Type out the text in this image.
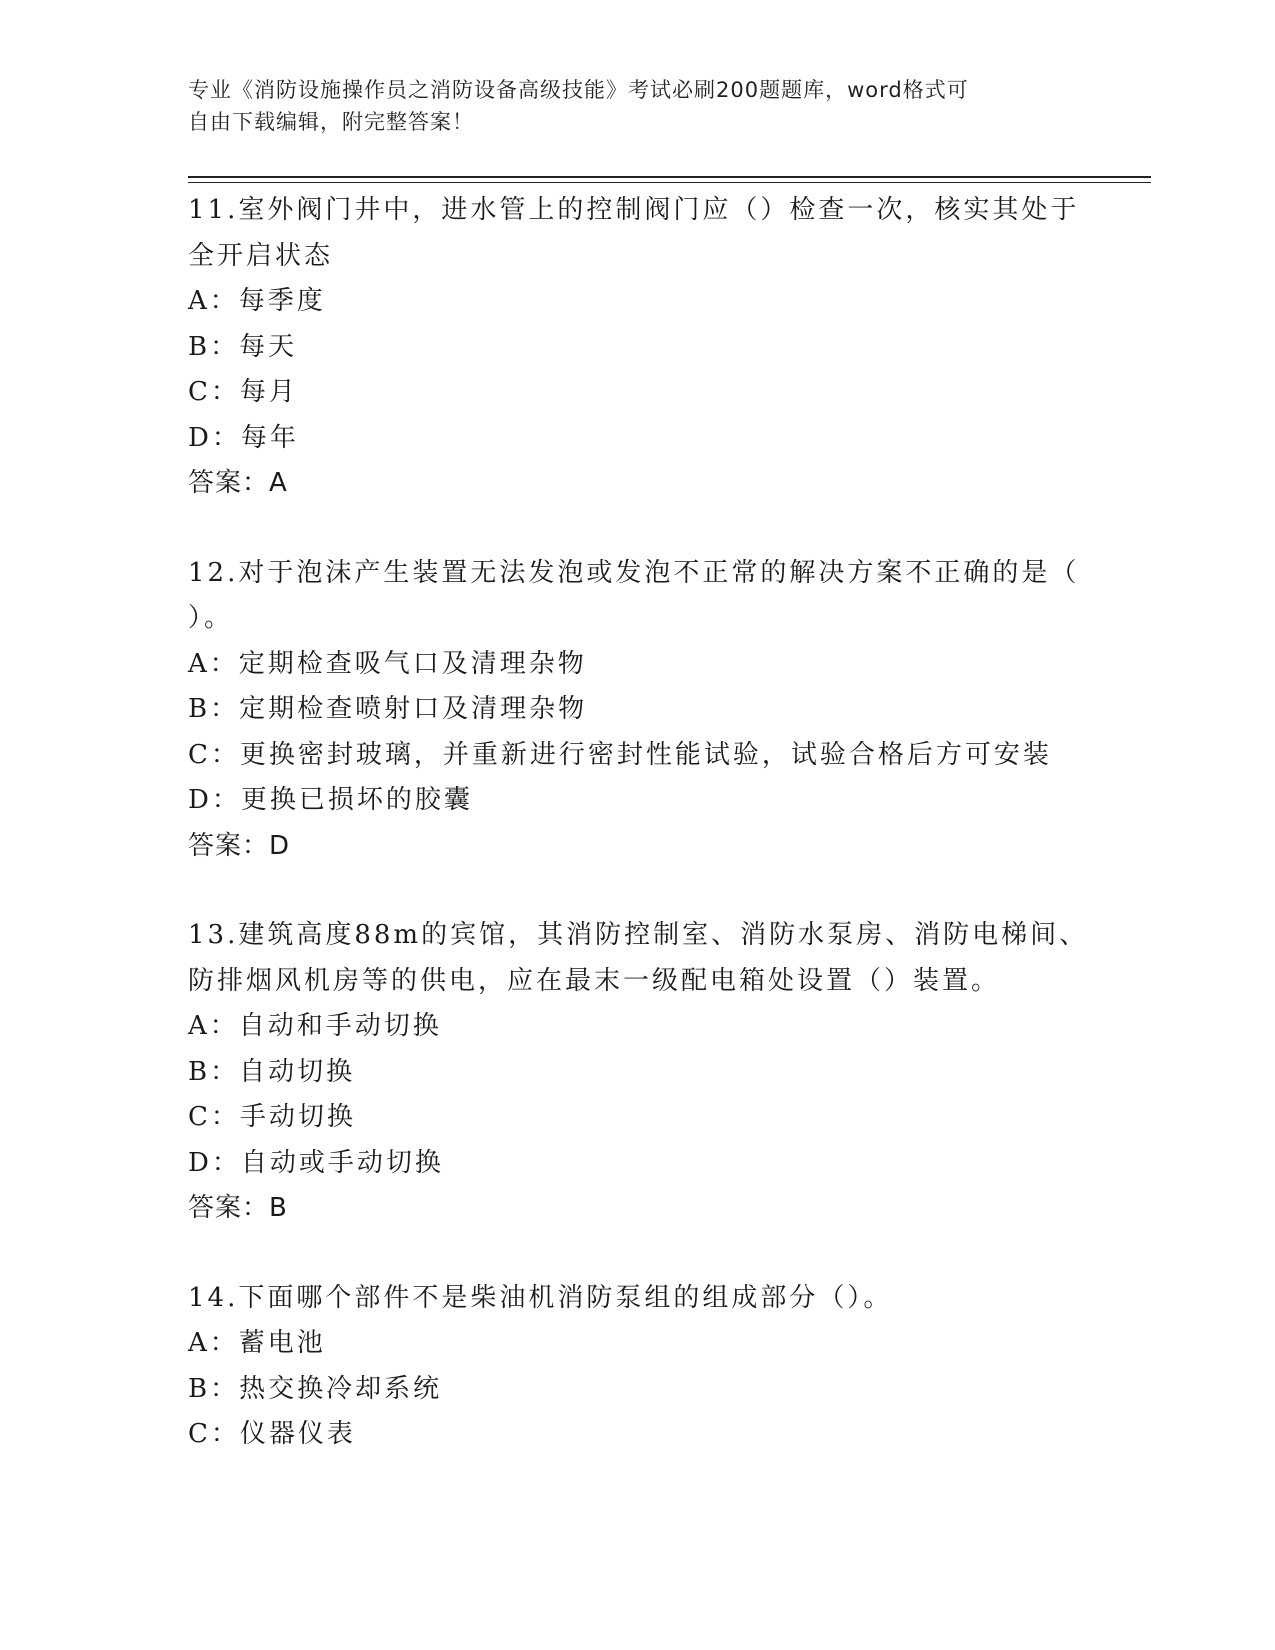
专业《消防设施操作员之消防设备高级技能》考试必刷200题题库，word格式可
自由下载编辑，附完整答案！
11.室外阀门井中，进水管上的控制阀门应（）检查一次，核实其处于
全开启状态
A：每季度
B：每天
C：每月
D：每年
答案：A
12.对于泡沫产生装置无法发泡或发泡不正常的解决方案不正确的是（
）。
A：定期检查吸气口及清理杂物
B：定期检查喷射口及清理杂物
C：更换密封玻璃，并重新进行密封性能试验，试验合格后方可安装
D：更换已损坏的胶囊
答案：D
13.建筑高度88m的宾馆，其消防控制室、消防水泵房、消防电梯间、
防排烟风机房等的供电，应在最末一级配电箱处设置（）装置。
A：自动和手动切换
B：自动切换
C：手动切换
D：自动或手动切换
答案：B
14.下面哪个部件不是柴油机消防泵组的组成部分（）。
A：蓄电池
B：热交换冷却系统
C：仪器仪表
